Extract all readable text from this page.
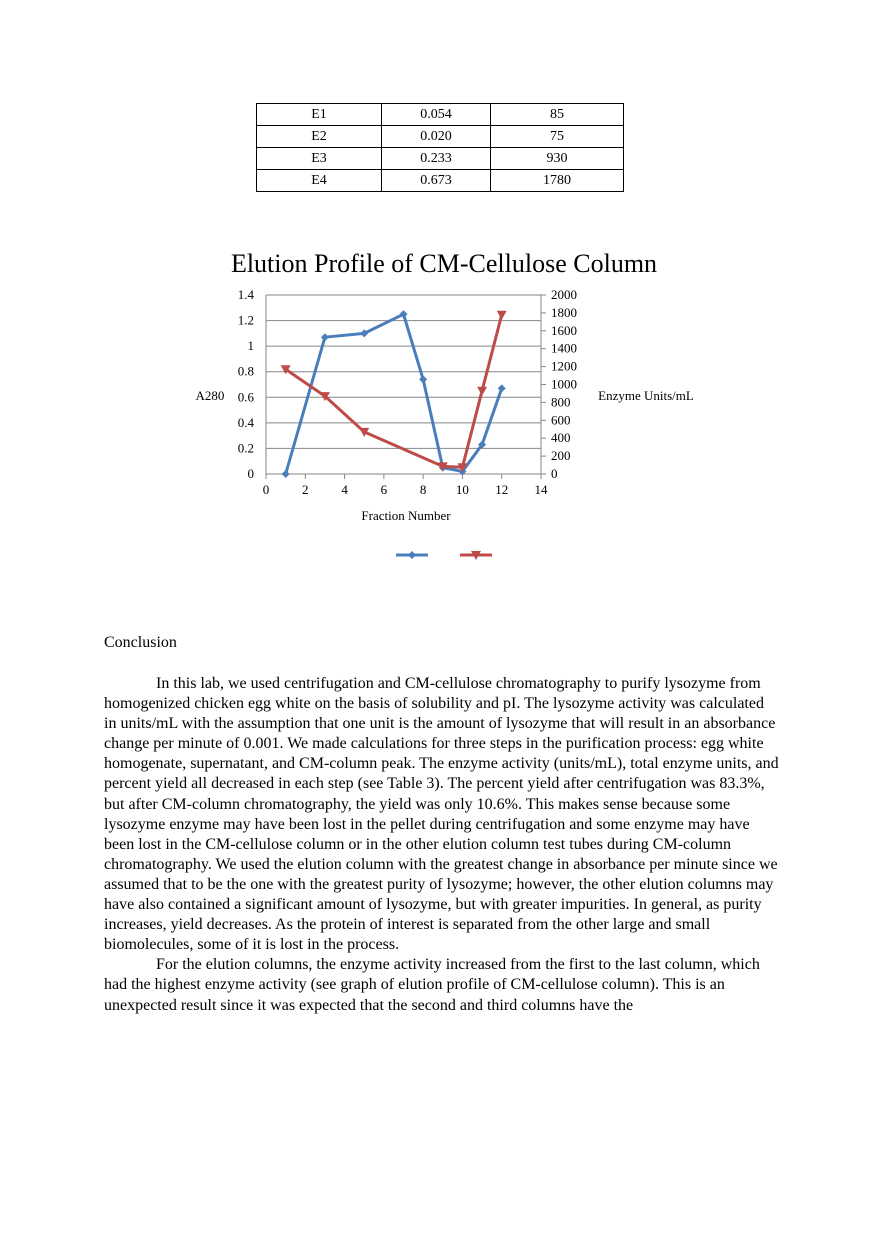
E1	0.054	85
E2	0.020	75
E3	0.233	930
E4	0.673	1780
Elution Profile of CM-Cellulose Column
0
0.2
0.4
0.6
0.8
1
1.2
1.4
0
200
400
600
800
1000
1200
1400
1600
1800
2000
0	2	4	6	8 10 12 14
A280	Enzyme Units/mL
Fraction Number
Conclusion

In this lab, we used centrifugation and CM-cellulose chromatography to purify lysozyme from homogenized chicken egg white on the basis of solubility and pI. The lysozyme activity was calculated in units/mL with the assumption that one unit is the amount of lysozyme that will result in an absorbance change per minute of 0.001. We made calculations for three steps in the purification process: egg white homogenate, supernatant, and CM-column peak. The enzyme activity (units/mL), total enzyme units, and percent yield all decreased in each step (see Table 3). The percent yield after centrifugation was 83.3%, but after CM-column chromatography, the yield was only 10.6%. This makes sense because some lysozyme enzyme may have been lost in the pellet during centrifugation and some enzyme may have been lost in the CM-cellulose column or in the other elution column test tubes during CM-column chromatography. We used the elution column with the greatest change in absorbance per minute since we assumed that to be the one with the greatest purity of lysozyme; however, the other elution columns may have also contained a significant amount of lysozyme, but with greater impurities. In general, as purity increases, yield decreases. As the protein of interest is separated from the other large and small biomolecules, some of it is lost in the process.

For the elution columns, the enzyme activity increased from the first to the last column, which had the highest enzyme activity (see graph of elution profile of CM-cellulose column). This is an unexpected result since it was expected that the second and third columns have the
